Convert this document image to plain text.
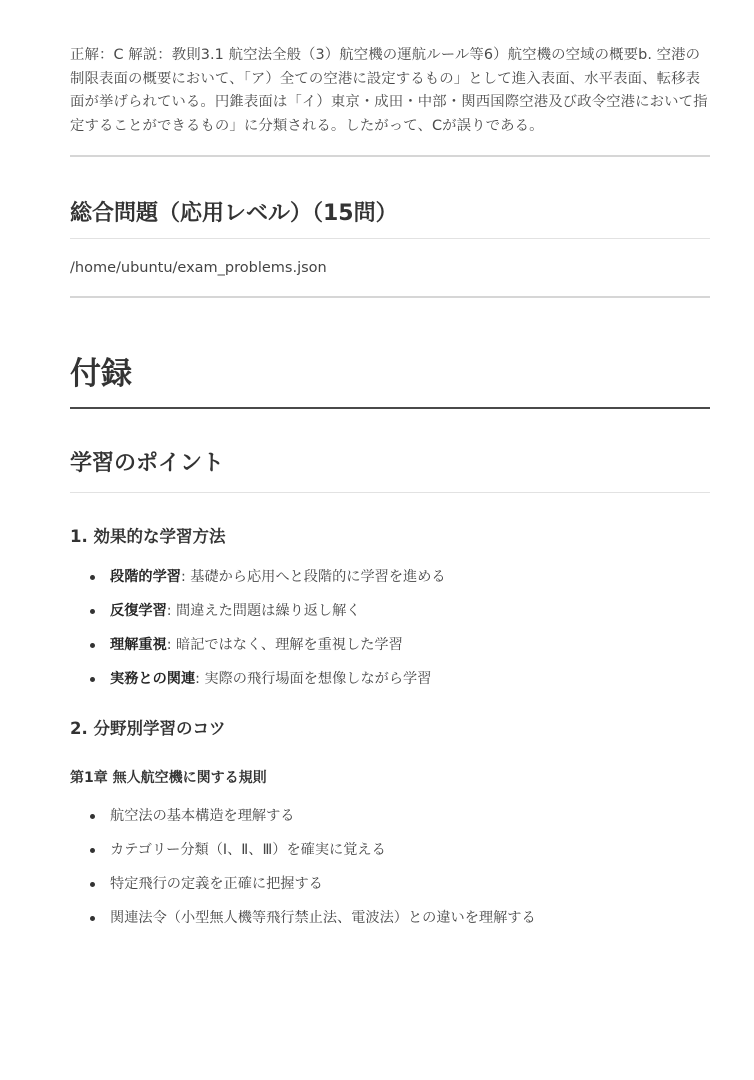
正解：C 解説：教則3.1 航空法全般（3）航空機の運航ルール等6）航空機の空域の概要b. 空港の制限表面の概要において、「ア）全ての空港に設定するもの」として進入表面、水平表面、転移表面が挙げられている。円錐表面は「イ）東京・成田・中部・関西国際空港及び政令空港において指定することができるもの」に分類される。したがって、Cが誤りである。

総合問題（応用レベル）（15問）

/home/ubuntu/exam_problems.json

付録
学習のポイント
1. 効果的な学習方法
段階的学習: 基礎から応用へと段階的に学習を進める
反復学習: 間違えた問題は繰り返し解く
理解重視: 暗記ではなく、理解を重視した学習
実務との関連: 実際の飛行場面を想像しながら学習
2. 分野別学習のコツ
第1章 無人航空機に関する規則
航空法の基本構造を理解する
カテゴリー分類（Ⅰ、Ⅱ、Ⅲ）を確実に覚える
特定飛行の定義を正確に把握する
関連法令（小型無人機等飛行禁止法、電波法）との違いを理解する
